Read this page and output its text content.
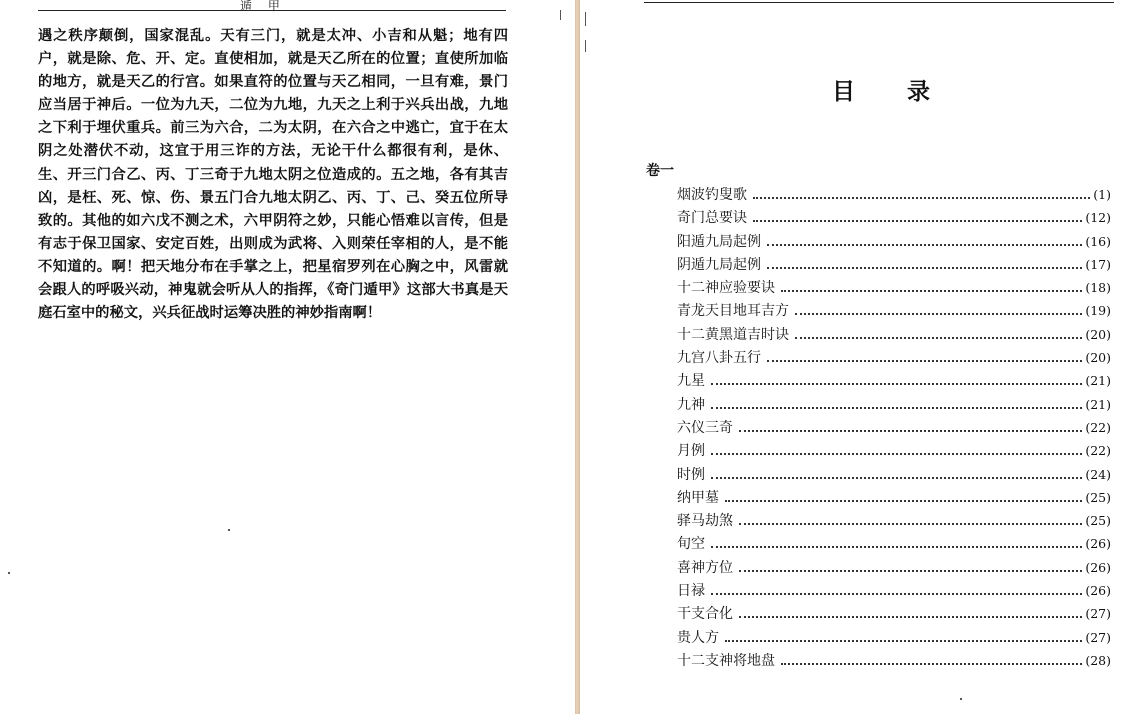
遁 甲
遇之秩序颠倒，国家混乱。天有三门，就是太冲、小吉和从魁；地有四户，就是除、危、开、定。直使相加，就是天乙所在的位置；直使所加临的地方，就是天乙的行宫。如果直符的位置与天乙相同，一旦有难，景门应当居于神后。一位为九天，二位为九地，九天之上利于兴兵出战，九地之下利于埋伏重兵。前三为六合，二为太阴，在六合之中逃亡，宜于在太阴之处潜伏不动，这宜于用三诈的方法，无论干什么都很有利，是休、生、开三门合乙、丙、丁三奇于九地太阴之位造成的。五之地，各有其吉凶，是枉、死、惊、伤、景五门合九地太阴乙、丙、丁、己、癸五位所导致的。其他的如六戊不测之术，六甲阴符之妙，只能心悟难以言传，但是有志于保卫国家、安定百姓，出则成为武将、入则荣任宰相的人，是不能不知道的。啊！把天地分布在手掌之上，把星宿罗列在心胸之中，风雷就会跟人的呼吸兴动，神鬼就会听从人的指挥，《奇门遁甲》这部大书真是天庭石室中的秘文，兴兵征战时运筹决胜的神妙指南啊！
目录
卷一
烟波钓叟歌	(1)
奇门总要诀	(12)
阳遁九局起例	(16)
阴遁九局起例	(17)
十二神应验要诀	(18)
青龙天目地耳吉方	(19)
十二黄黑道吉时诀	(20)
九宫八卦五行	(20)
九星	(21)
九神	(21)
六仪三奇	(22)
月例	(22)
时例	(24)
纳甲墓	(25)
驿马劫煞	(25)
旬空	(26)
喜神方位	(26)
日禄	(26)
干支合化	(27)
贵人方	(27)
十二支神将地盘	(28)
